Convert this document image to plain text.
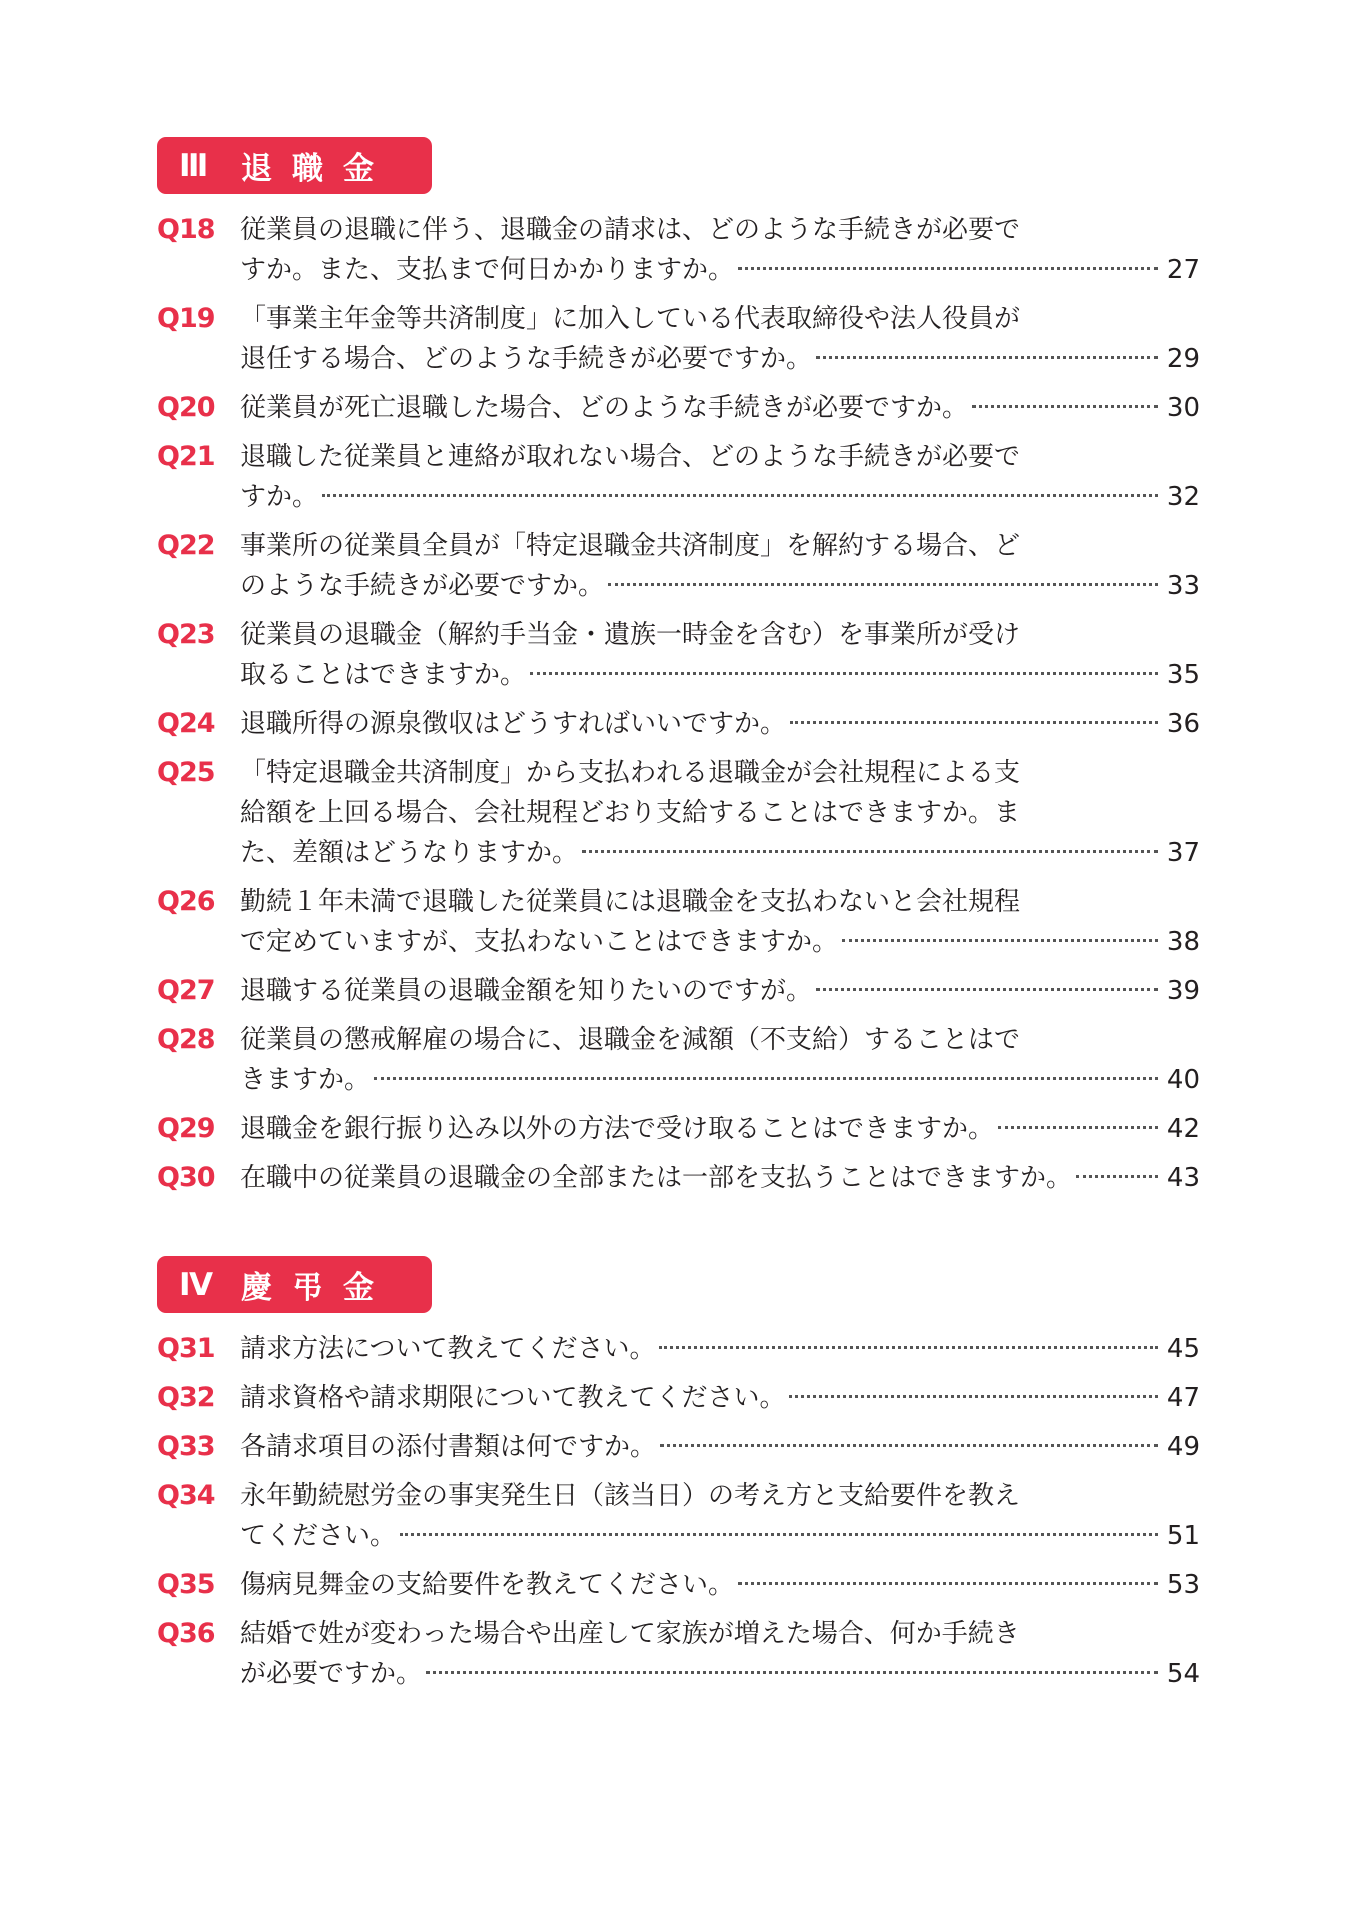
Ⅲ	退職金
Q18 従業員の退職に伴う、退職金の請求は、どのような手続きが必要で
すか。また、支払まで何日かかりますか。	27
Q19 「事業主年金等共済制度」に加入している代表取締役や法人役員が
退任する場合、どのような手続きが必要ですか。	29
Q20 従業員が死亡退職した場合、どのような手続きが必要ですか。	30
Q21 退職した従業員と連絡が取れない場合、どのような手続きが必要で
すか。	32
Q22 事業所の従業員全員が「特定退職金共済制度」を解約する場合、ど
のような手続きが必要ですか。	33
Q23 従業員の退職金（解約手当金・遺族一時金を含む）を事業所が受け
取ることはできますか。	35
Q24 退職所得の源泉徴収はどうすればいいですか。	36
Q25 「特定退職金共済制度」から支払われる退職金が会社規程による支
給額を上回る場合、会社規程どおり支給することはできますか。ま
た、差額はどうなりますか。	37
Q26 勤続１年未満で退職した従業員には退職金を支払わないと会社規程
で定めていますが、支払わないことはできますか。	38
Q27 退職する従業員の退職金額を知りたいのですが。	39
Q28 従業員の懲戒解雇の場合に、退職金を減額（不支給）することはで
きますか。	40
Q29 退職金を銀行振り込み以外の方法で受け取ることはできますか。	42
Q30 在職中の従業員の退職金の全部または一部を支払うことはできますか。	43
Ⅳ 慶弔金
Q31 請求方法について教えてください。	45
Q32 請求資格や請求期限について教えてください。	47
Q33 各請求項目の添付書類は何ですか。	49
Q34 永年勤続慰労金の事実発生日（該当日）の考え方と支給要件を教え
てください。	51
Q35 傷病見舞金の支給要件を教えてください。	53
Q36 結婚で姓が変わった場合や出産して家族が増えた場合、何か手続き
が必要ですか。	54
